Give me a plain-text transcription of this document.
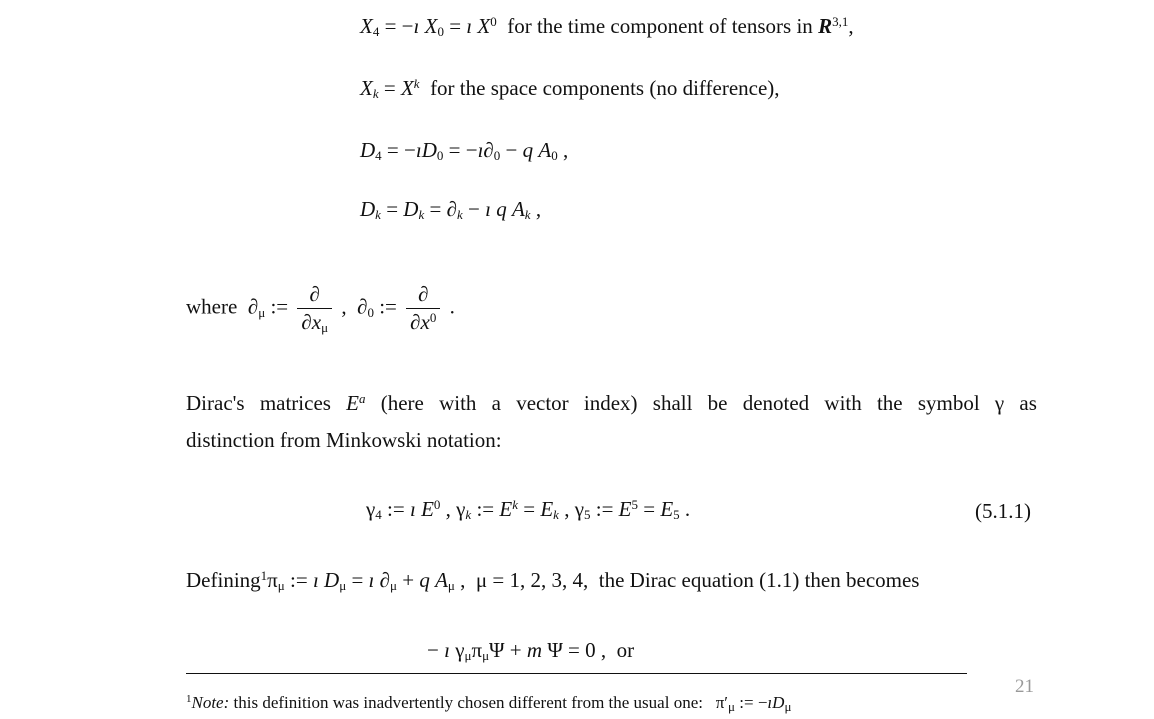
$X_4$ = −ı $X_0$ = ı $X^0$ for the time component of tensors in R$^{3,1}$,
$X_k = X^k$ for the space components (no difference),
$D_4$ = $-ıD_0$ = $-ı\partial_0 - q$ $A_0$ ,
$D_k = D_k = \partial_k$ − ı q $A_k$ ,
where  $\partial_\mu$ := $\frac{\partial}{\partial x_\mu}$ ,  $\partial_0$ := $\frac{\partial}{\partial x^0}$ .
Dirac's matrices $E^a$ (here with a vector index) shall be denoted with the symbol γ as
distinction from Minkowski notation:
$\gamma_4$ := ı $E^0$ , $\gamma_k$ := $E^k = E_k$ , $\gamma_5$ := $E^5 = E_5$ .	(5.1.1)
$Defining^1\pi_\mu$ := ı $D_\mu$ = ı $\partial_\mu + q$ $A_\mu$ ,  μ = 1, 2, 3, 4,  the Dirac equation (1.1) then becomes
− ı $\gamma_\mu\pi_\mu\Psi + m$ Ψ = 0 ,  or
21
$^1$Note: this definition was inadvertently chosen different from the usual one: $\pi'_\mu$ := $-ıD_\mu$
